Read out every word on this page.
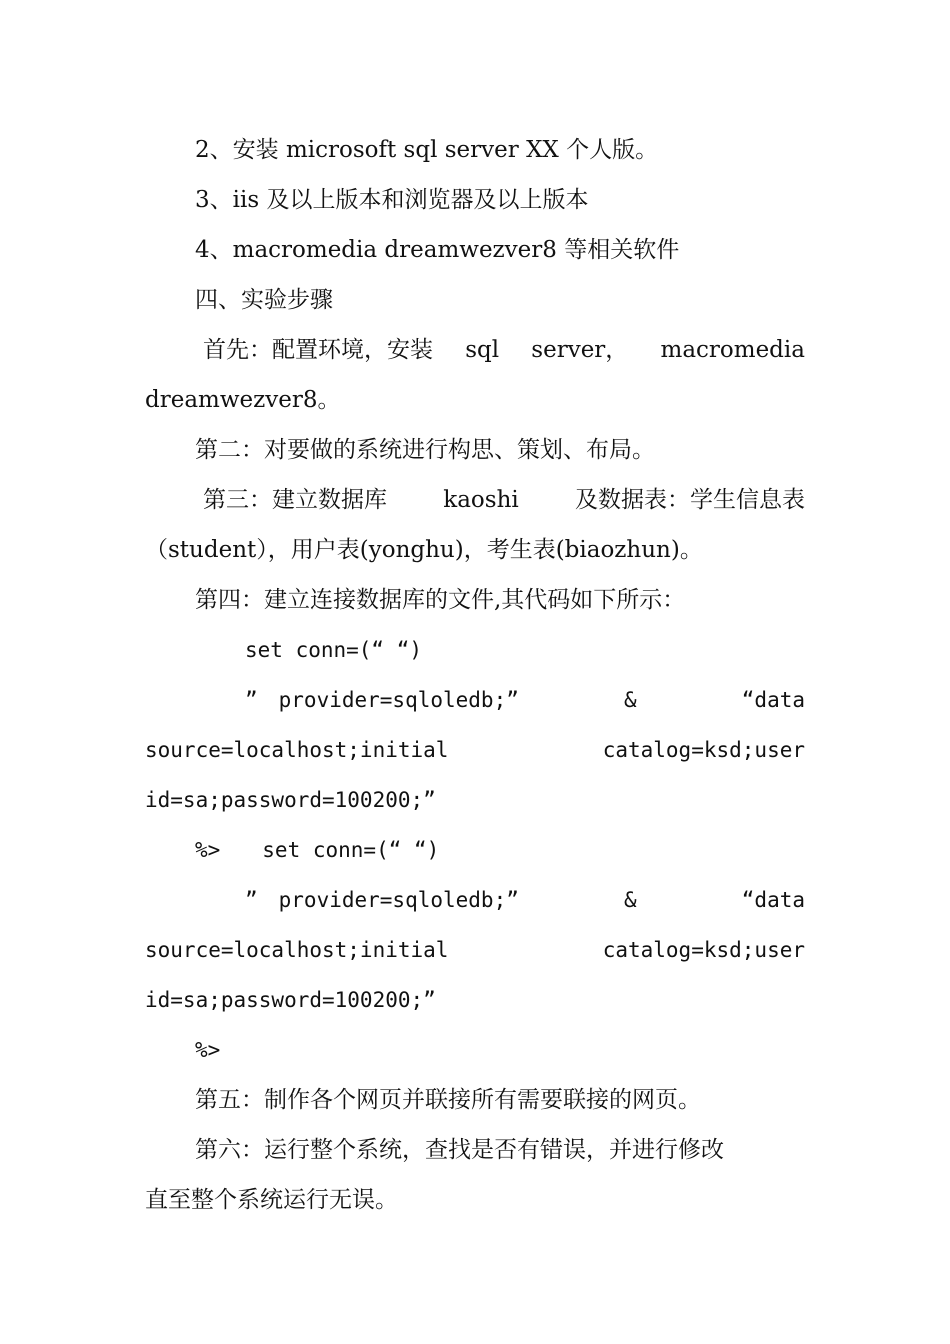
2、安装 microsoft sql server XX 个人版。
3、iis 及以上版本和浏览器及以上版本
4、macromedia dreamwezver8 等相关软件
四、实验步骤
首先：配置环境，安装 sql server， macromedia
dreamwezver8。
第二：对要做的系统进行构思、策划、布局。
第三：建立数据库 kaoshi 及数据表：学生信息表
（student），用户表(yonghu)，考生表(biaozhun)。
第四：建立连接数据库的文件,其代码如下所示：
set conn=(“ “)
”　provider=sqloledb;”	&	“data
source=localhost;initial	catalog=ksd;user
id=sa;password=100200;”
%>　　set conn=(“ “)
”　provider=sqloledb;”	&	“data
source=localhost;initial	catalog=ksd;user
id=sa;password=100200;”
%>
第五：制作各个网页并联接所有需要联接的网页。
第六：运行整个系统，查找是否有错误，并进行修改
直至整个系统运行无误。
